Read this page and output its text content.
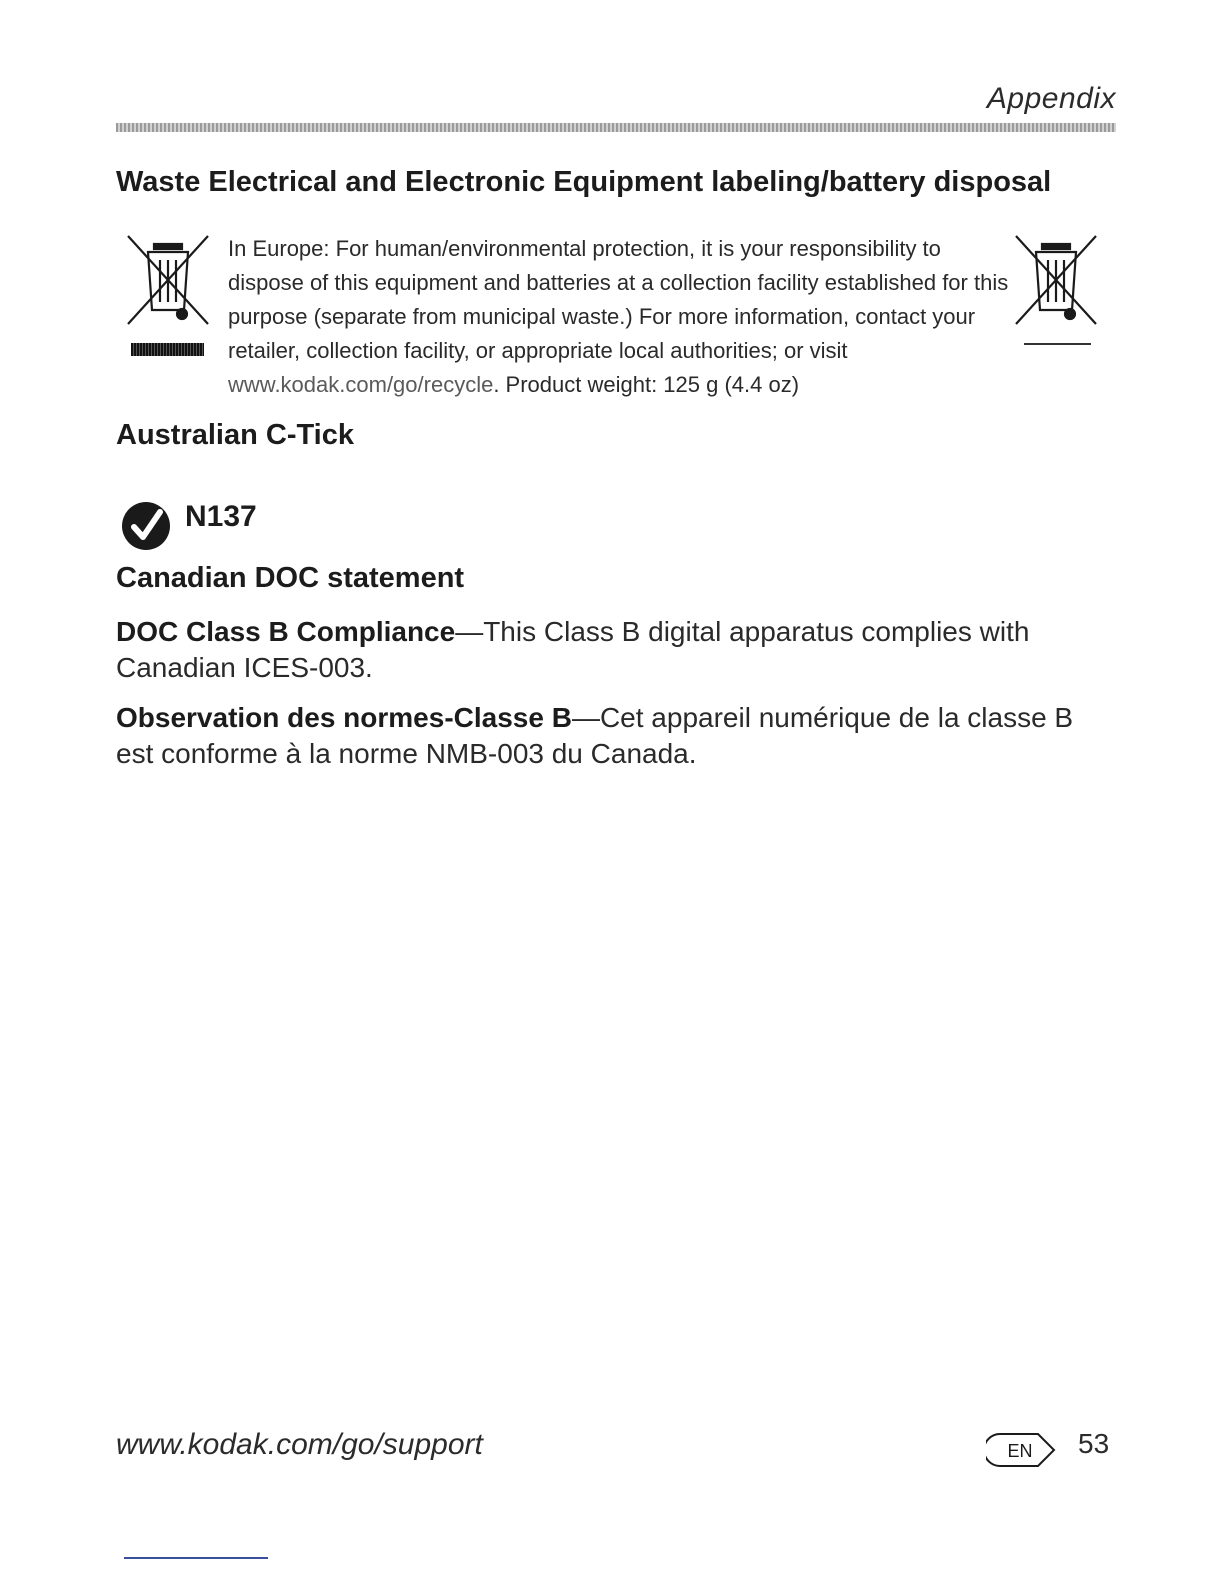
Appendix
Waste Electrical and Electronic Equipment labeling/battery disposal

In Europe: For human/environmental protection, it is your responsibility to dispose of this equipment and batteries at a collection facility established for this purpose (separate from municipal waste.) For more information, contact your retailer, collection facility, or appropriate local authorities; or visit www.kodak.com/go/recycle. Product weight: 125 g (4.4 oz)

Australian C-Tick
N137
Canadian DOC statement

DOC Class B Compliance—This Class B digital apparatus complies with Canadian ICES-003.

Observation des normes-Classe B—Cet appareil numérique de la classe B est conforme à la norme NMB-003 du Canada.

www.kodak.com/go/support	EN 53
